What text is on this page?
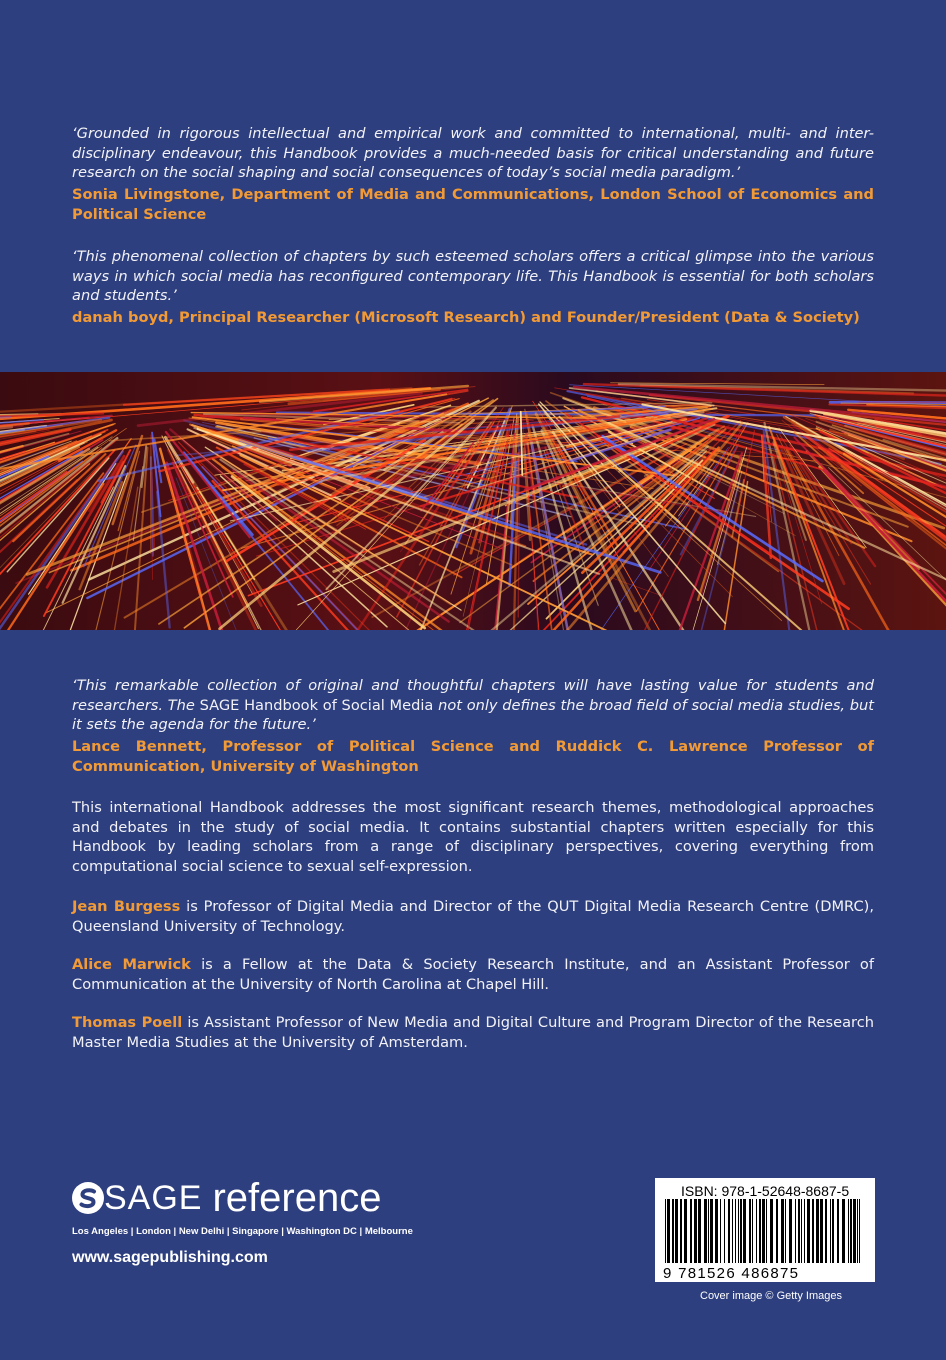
‘Grounded in rigorous intellectual and empirical work and committed to international, multi- and inter-disciplinary endeavour, this Handbook provides a much-needed basis for critical understanding and future research on the social shaping and social consequences of today’s social media paradigm.’

Sonia Livingstone, Department of Media and Communications, London School of Economics and Political Science

‘This phenomenal collection of chapters by such esteemed scholars offers a critical glimpse into the various ways in which social media has reconfigured contemporary life. This Handbook is essential for both scholars and students.’

danah boyd, Principal Researcher (Microsoft Research) and Founder/President (Data & Society)

‘This remarkable collection of original and thoughtful chapters will have lasting value for students and researchers. The SAGE Handbook of Social Media not only defines the broad field of social media studies, but it sets the agenda for the future.’

Lance Bennett, Professor of Political Science and Ruddick C. Lawrence Professor of Communication, University of Washington

This international Handbook addresses the most significant research themes, methodological approaches and debates in the study of social media. It contains substantial chapters written especially for this Handbook by leading scholars from a range of disciplinary perspectives, covering everything from computational social science to sexual self-expression.

Jean Burgess is Professor of Digital Media and Director of the QUT Digital Media Research Centre (DMRC), Queensland University of Technology.

Alice Marwick is a Fellow at the Data & Society Research Institute, and an Assistant Professor of Communication at the University of North Carolina at Chapel Hill.

Thomas Poell is Assistant Professor of New Media and Digital Culture and Program Director of the Research Master Media Studies at the University of Amsterdam.

SAGE reference
Los Angeles | London | New Delhi | Singapore | Washington DC | Melbourne
www.sagepublishing.com
ISBN: 978-1-52648-8687-5
9 781526 486875
Cover image © Getty Images
